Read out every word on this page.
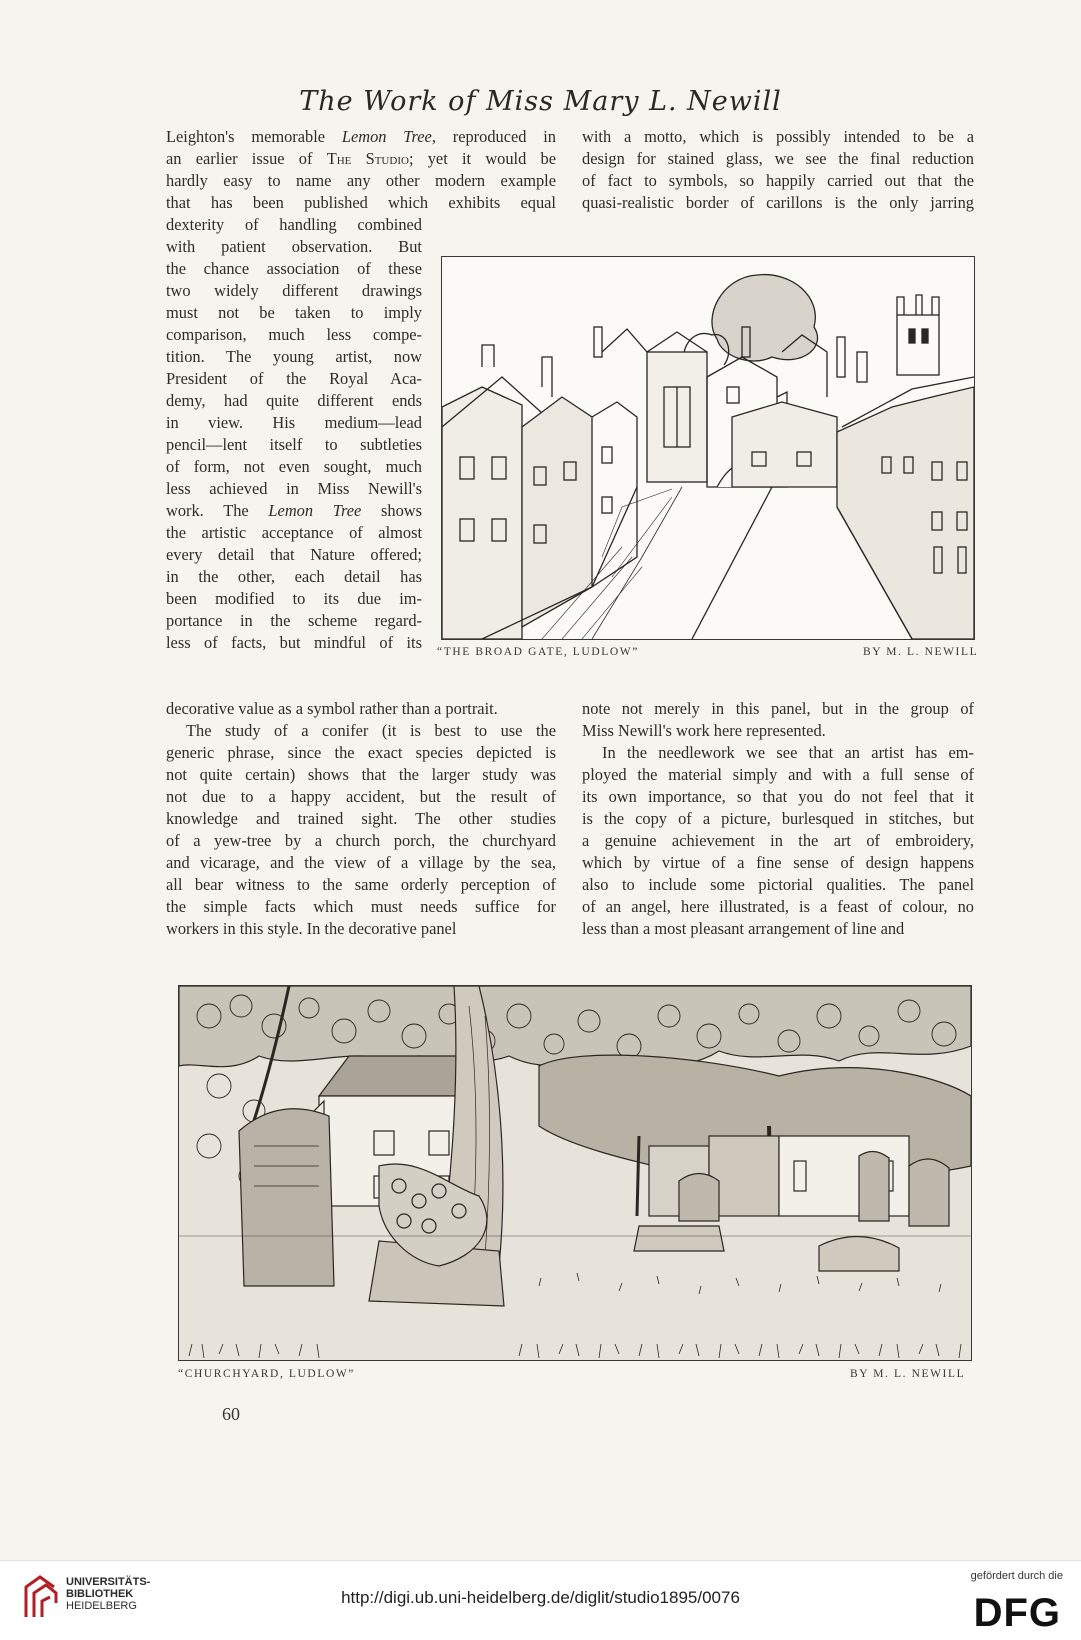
The Work of Miss Mary L. Newill
Leighton's memorable Lemon Tree, reproduced in
an earlier issue of The Studio; yet it would be
hardly easy to name any other modern example
that has been published which exhibits equal
with a motto, which is possibly intended to be a
design for stained glass, we see the final reduction
of fact to symbols, so happily carried out that the
quasi-realistic border of carillons is the only jarring
dexterity of handling combined
with patient observation. But
the chance association of these
two widely different drawings
must not be taken to imply
comparison, much less compe-
tition. The young artist, now
President of the Royal Aca-
demy, had quite different ends
in view. His medium—lead
pencil—lent itself to subtleties
of form, not even sought, much
less achieved in Miss Newill's
work. The Lemon Tree shows
the artistic acceptance of almost
every detail that Nature offered;
in the other, each detail has
been modified to its due im-
portance in the scheme regard-
less of facts, but mindful of its “THE BROAD GATE, LUDLOW”	BY M. L. NEWILL
decorative value as a symbol rather than a portrait.
The study of a conifer (it is best to use the
generic phrase, since the exact species depicted is
not quite certain) shows that the larger study was
not due to a happy accident, but the result of
knowledge and trained sight. The other studies
of a yew-tree by a church porch, the churchyard
and vicarage, and the view of a village by the sea,
all bear witness to the same orderly perception of
the simple facts which must needs suffice for
workers in this style. In the decorative panel
note not merely in this panel, but in the group of
Miss Newill's work here represented.
In the needlework we see that an artist has em-
ployed the material simply and with a full sense of
its own importance, so that you do not feel that it
is the copy of a picture, burlesqued in stitches, but
a genuine achievement in the art of embroidery,
which by virtue of a fine sense of design happens
also to include some pictorial qualities. The panel
of an angel, here illustrated, is a feast of colour, no
less than a most pleasant arrangement of line and
“CHURCHYARD, LUDLOW”	BY M. L. NEWILL
60
UNIVERSITÄTS-
BIBLIOTHEK
HEIDELBERG	http://digi.ub.uni-heidelberg.de/diglit/studio1895/0076
gefördert durch die
DFG
